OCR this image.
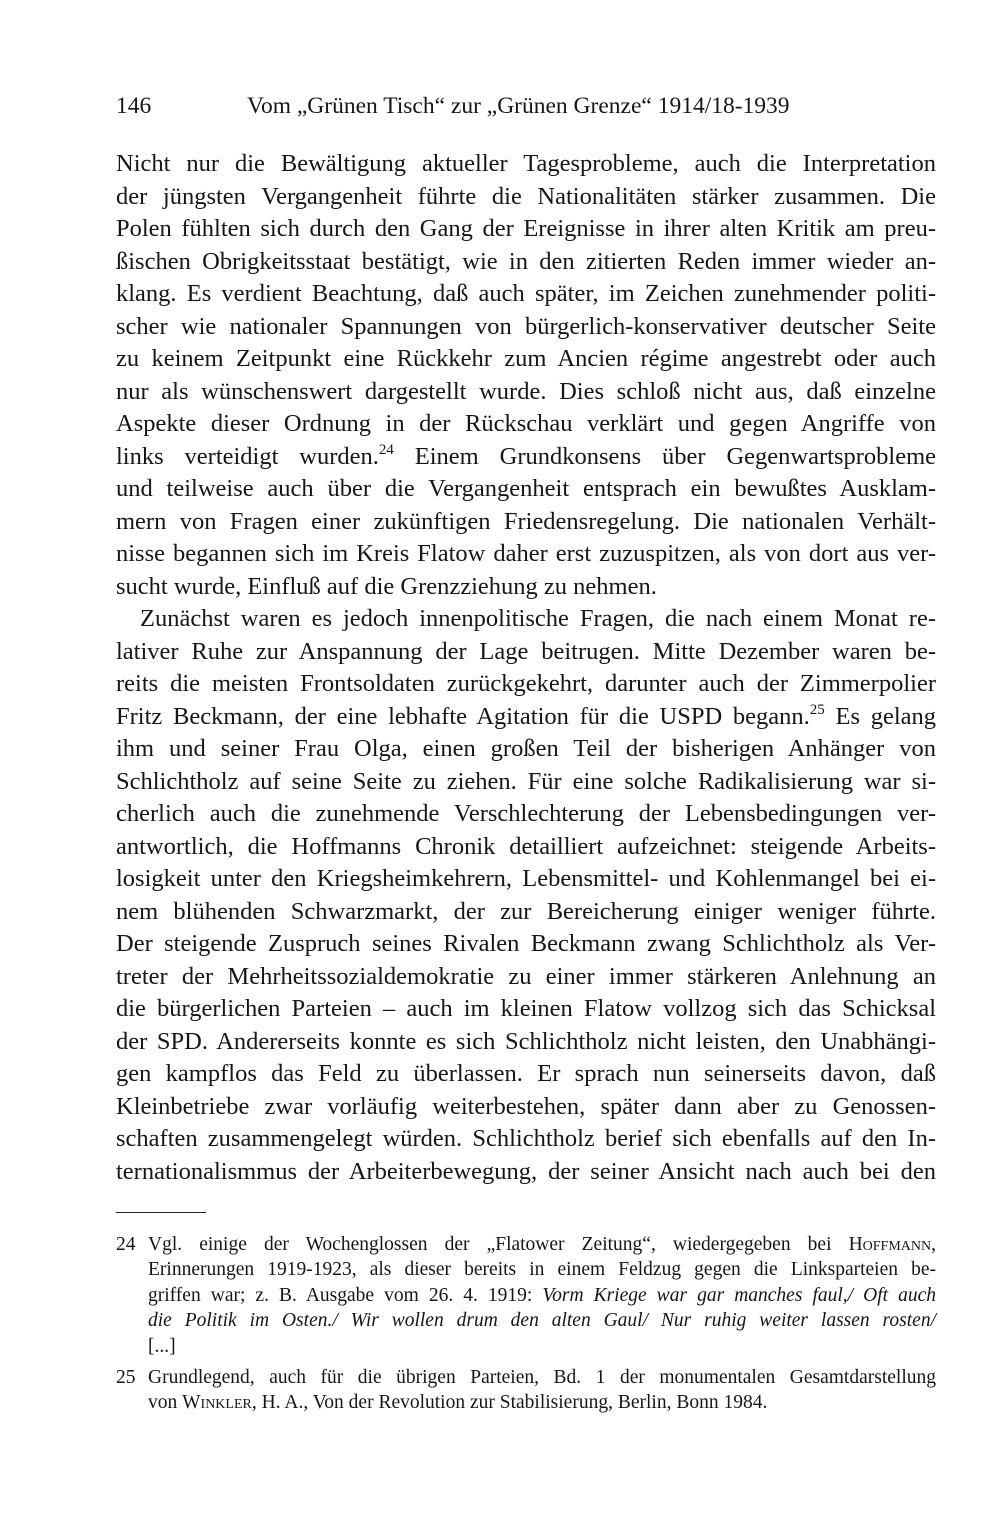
146	Vom „Grünen Tisch“ zur „Grünen Grenze“ 1914/18-1939

Nicht nur die Bewältigung aktueller Tagesprobleme, auch die Interpretation

der jüngsten Vergangenheit führte die Nationalitäten stärker zusammen. Die

Polen fühlten sich durch den Gang der Ereignisse in ihrer alten Kritik am preu-

ßischen Obrigkeitsstaat bestätigt, wie in den zitierten Reden immer wieder an-

klang. Es verdient Beachtung, daß auch später, im Zeichen zunehmender politi-

scher wie nationaler Spannungen von bürgerlich-konservativer deutscher Seite

zu keinem Zeitpunkt eine Rückkehr zum Ancien régime angestrebt oder auch

nur als wünschenswert dargestellt wurde. Dies schloß nicht aus, daß einzelne

Aspekte dieser Ordnung in der Rückschau verklärt und gegen Angriffe von

links verteidigt wurden.$^{24}$ Einem Grundkonsens über Gegenwartsprobleme

und teilweise auch über die Vergangenheit entsprach ein bewußtes Ausklam-

mern von Fragen einer zukünftigen Friedensregelung. Die nationalen Verhält-

nisse begannen sich im Kreis Flatow daher erst zuzuspitzen, als von dort aus ver-

sucht wurde, Einfluß auf die Grenzziehung zu nehmen.

Zunächst waren es jedoch innenpolitische Fragen, die nach einem Monat re-

lativer Ruhe zur Anspannung der Lage beitrugen. Mitte Dezember waren be-

reits die meisten Frontsoldaten zurückgekehrt, darunter auch der Zimmerpolier

Fritz Beckmann, der eine lebhafte Agitation für die USPD begann.$^{25}$ Es gelang

ihm und seiner Frau Olga, einen großen Teil der bisherigen Anhänger von

Schlichtholz auf seine Seite zu ziehen. Für eine solche Radikalisierung war si-

cherlich auch die zunehmende Verschlechterung der Lebensbedingungen ver-

antwortlich, die Hoffmanns Chronik detailliert aufzeichnet: steigende Arbeits-

losigkeit unter den Kriegsheimkehrern, Lebensmittel- und Kohlenmangel bei ei-

nem blühenden Schwarzmarkt, der zur Bereicherung einiger weniger führte.

Der steigende Zuspruch seines Rivalen Beckmann zwang Schlichtholz als Ver-

treter der Mehrheitssozialdemokratie zu einer immer stärkeren Anlehnung an

die bürgerlichen Parteien – auch im kleinen Flatow vollzog sich das Schicksal

der SPD. Andererseits konnte es sich Schlichtholz nicht leisten, den Unabhängi-

gen kampflos das Feld zu überlassen. Er sprach nun seinerseits davon, daß

Kleinbetriebe zwar vorläufig weiterbestehen, später dann aber zu Genossen-

schaften zusammengelegt würden. Schlichtholz berief sich ebenfalls auf den In-

ternationalismmus der Arbeiterbewegung, der seiner Ansicht nach auch bei den

24 Vgl. einige der Wochenglossen der „Flatower Zeitung“, wiedergegeben bei Hoffmann,
Erinnerungen 1919-1923, als dieser bereits in einem Feldzug gegen die Linksparteien be-
griffen war; z. B. Ausgabe vom 26. 4. 1919: Vorm Kriege war gar manches faul,/ Oft auch
die Politik im Osten./ Wir wollen drum den alten Gaul/ Nur ruhig weiter lassen rosten/
[...]
25 Grundlegend, auch für die übrigen Parteien, Bd. 1 der monumentalen Gesamtdarstellung
von Winkler, H. A., Von der Revolution zur Stabilisierung, Berlin, Bonn 1984.
